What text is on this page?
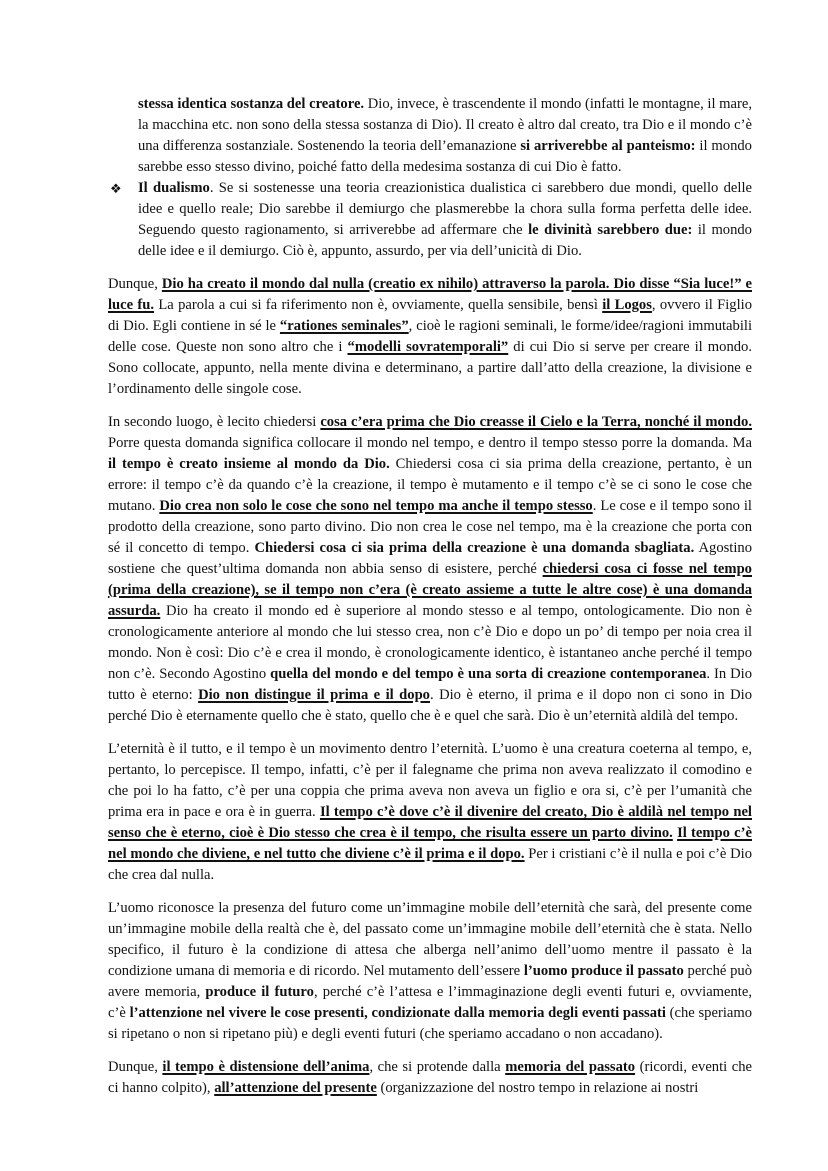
stessa identica sostanza del creatore. Dio, invece, è trascendente il mondo (infatti le montagne, il mare, la macchina etc. non sono della stessa sostanza di Dio). Il creato è altro dal creato, tra Dio e il mondo c’è una differenza sostanziale. Sostenendo la teoria dell’emanazione si arriverebbe al panteismo: il mondo sarebbe esso stesso divino, poiché fatto della medesima sostanza di cui Dio è fatto.
❖	Il dualismo. Se si sostenesse una teoria creazionistica dualistica ci sarebbero due mondi, quello delle idee e quello reale; Dio sarebbe il demiurgo che plasmerebbe la chora sulla forma perfetta delle idee. Seguendo questo ragionamento, si arriverebbe ad affermare che le divinità sarebbero due: il mondo delle idee e il demiurgo. Ciò è, appunto, assurdo, per via dell’unicità di Dio.
Dunque, Dio ha creato il mondo dal nulla (creatio ex nihilo) attraverso la parola. Dio disse “Sia luce!” e luce fu. La parola a cui si fa riferimento non è, ovviamente, quella sensibile, bensì il Logos, ovvero il Figlio di Dio. Egli contiene in sé le “rationes seminales”, cioè le ragioni seminali, le forme/idee/ragioni immutabili delle cose. Queste non sono altro che i “modelli sovratemporali” di cui Dio si serve per creare il mondo. Sono collocate, appunto, nella mente divina e determinano, a partire dall’atto della creazione, la divisione e l’ordinamento delle singole cose.
In secondo luogo, è lecito chiedersi cosa c’era prima che Dio creasse il Cielo e la Terra, nonché il mondo. Porre questa domanda significa collocare il mondo nel tempo, e dentro il tempo stesso porre la domanda. Ma il tempo è creato insieme al mondo da Dio. Chiedersi cosa ci sia prima della creazione, pertanto, è un errore: il tempo c’è da quando c’è la creazione, il tempo è mutamento e il tempo c’è se ci sono le cose che mutano. Dio crea non solo le cose che sono nel tempo ma anche il tempo stesso. Le cose e il tempo sono il prodotto della creazione, sono parto divino. Dio non crea le cose nel tempo, ma è la creazione che porta con sé il concetto di tempo. Chiedersi cosa ci sia prima della creazione è una domanda sbagliata. Agostino sostiene che quest’ultima domanda non abbia senso di esistere, perché chiedersi cosa ci fosse nel tempo (prima della creazione), se il tempo non c’era (è creato assieme a tutte le altre cose) è una domanda assurda. Dio ha creato il mondo ed è superiore al mondo stesso e al tempo, ontologicamente. Dio non è cronologicamente anteriore al mondo che lui stesso crea, non c’è Dio e dopo un po’ di tempo per noia crea il mondo. Non è così: Dio c’è e crea il mondo, è cronologicamente identico, è istantaneo anche perché il tempo non c’è. Secondo Agostino quella del mondo e del tempo è una sorta di creazione contemporanea. In Dio tutto è eterno: Dio non distingue il prima e il dopo. Dio è eterno, il prima e il dopo non ci sono in Dio perché Dio è eternamente quello che è stato, quello che è e quel che sarà. Dio è un’eternità aldilà del tempo.
L’eternità è il tutto, e il tempo è un movimento dentro l’eternità. L’uomo è una creatura coeterna al tempo, e, pertanto, lo percepisce. Il tempo, infatti, c’è per il falegname che prima non aveva realizzato il comodino e che poi lo ha fatto, c’è per una coppia che prima aveva non aveva un figlio e ora si, c’è per l’umanità che prima era in pace e ora è in guerra. Il tempo c’è dove c’è il divenire del creato, Dio è aldilà nel tempo nel senso che è eterno, cioè è Dio stesso che crea è il tempo, che risulta essere un parto divino. Il tempo c’è nel mondo che diviene, e nel tutto che diviene c’è il prima e il dopo. Per i cristiani c’è il nulla e poi c’è Dio che crea dal nulla.
L’uomo riconosce la presenza del futuro come un’immagine mobile dell’eternità che sarà, del presente come un’immagine mobile della realtà che è, del passato come un’immagine mobile dell’eternità che è stata. Nello specifico, il futuro è la condizione di attesa che alberga nell’animo dell’uomo mentre il passato è la condizione umana di memoria e di ricordo. Nel mutamento dell’essere l’uomo produce il passato perché può avere memoria, produce il futuro, perché c’è l’attesa e l’immaginazione degli eventi futuri e, ovviamente, c’è l’attenzione nel vivere le cose presenti, condizionate dalla memoria degli eventi passati (che speriamo si ripetano o non si ripetano più) e degli eventi futuri (che speriamo accadano o non accadano).
Dunque, il tempo è distensione dell’anima, che si protende dalla memoria del passato (ricordi, eventi che ci hanno colpito), all’attenzione del presente (organizzazione del nostro tempo in relazione ai nostri
